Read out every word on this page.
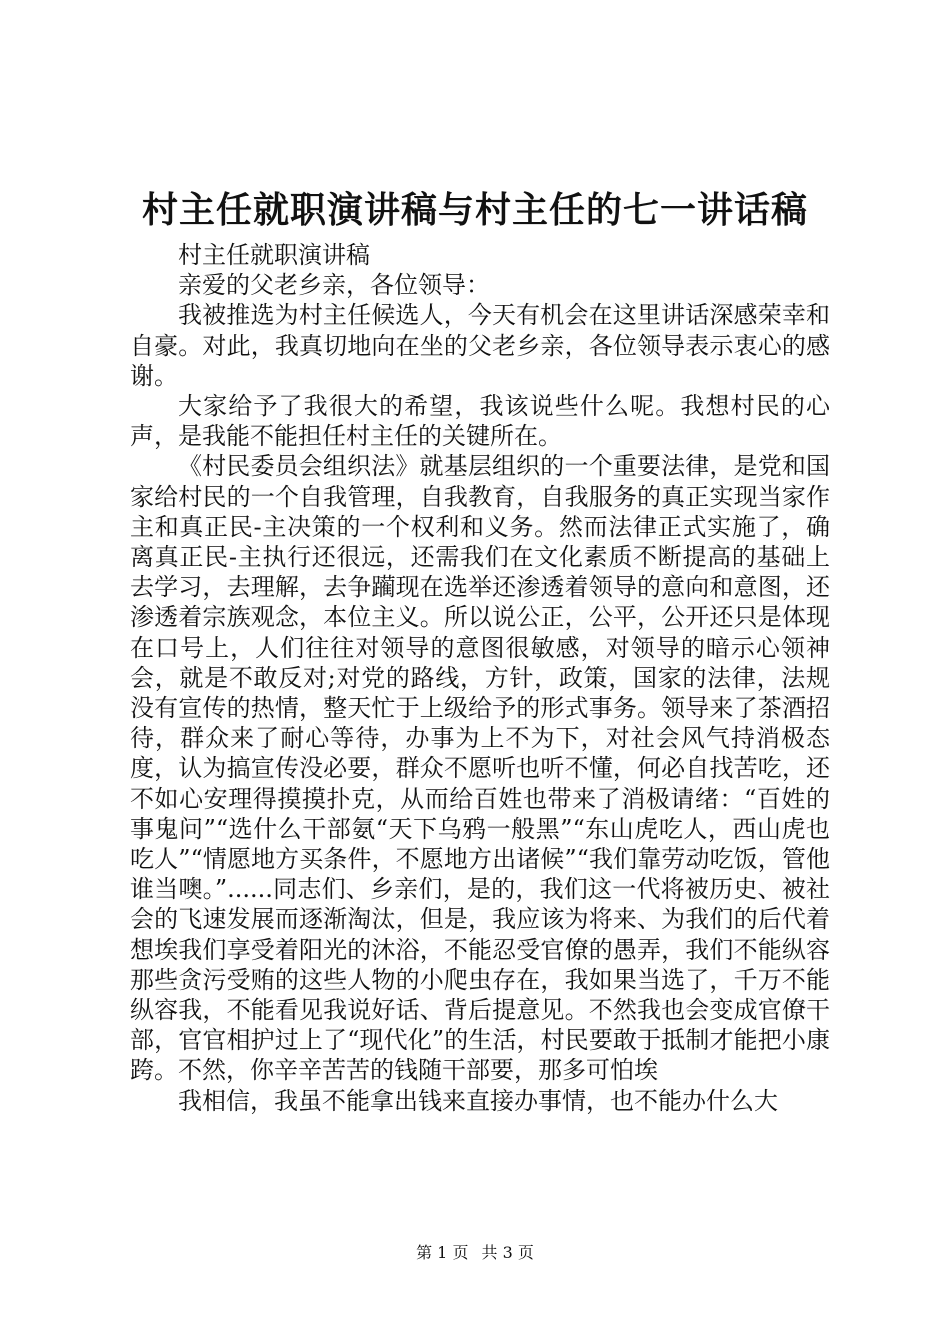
村主任就职演讲稿与村主任的七一讲话稿

村主任就职演讲稿

亲爱的父老乡亲，各位领导：

我被推选为村主任候选人，今天有机会在这里讲话深感荣幸和自豪。对此，我真切地向在坐的父老乡亲，各位领导表示衷心的感谢。

大家给予了我很大的希望，我该说些什么呢。我想村民的心声，是我能不能担任村主任的关键所在。

《村民委员会组织法》就基层组织的一个重要法律，是党和国家给村民的一个自我管理，自我教育，自我服务的真正实现当家作主和真正民-主决策的一个权利和义务。然而法律正式实施了，确离真正民-主执行还很远，还需我们在文化素质不断提高的基础上去学习，去理解，去争躏现在选举还渗透着领导的意向和意图，还渗透着宗族观念，本位主义。所以说公正，公平，公开还只是体现在口号上，人们往往对领导的意图很敏感，对领导的暗示心领神会，就是不敢反对;对党的路线，方针，政策，国家的法律，法规没有宣传的热情，整天忙于上级给予的形式事务。领导来了茶酒招待，群众来了耐心等待，办事为上不为下，对社会风气持消极态度，认为搞宣传没必要，群众不愿听也听不懂，何必自找苦吃，还不如心安理得摸摸扑克，从而给百姓也带来了消极请绪：“百姓的事鬼问”“选什么干部氨“天下乌鸦一般黑”“东山虎吃人，西山虎也吃人”“情愿地方买条件，不愿地方出诸候”“我们靠劳动吃饭，管他谁当噢。”......同志们、乡亲们，是的，我们这一代将被历史、被社会的飞速发展而逐渐淘汰，但是，我应该为将来、为我们的后代着想埃我们享受着阳光的沐浴，不能忍受官僚的愚弄，我们不能纵容那些贪污受贿的这些人物的小爬虫存在，我如果当选了，千万不能纵容我，不能看见我说好话、背后提意见。不然我也会变成官僚干部，官官相护过上了“现代化”的生活，村民要敢于抵制才能把小康跨。不然，你辛辛苦苦的钱随干部要，那多可怕埃

我相信，我虽不能拿出钱来直接办事情，也不能办什么大

第 1 页 共 3 页
